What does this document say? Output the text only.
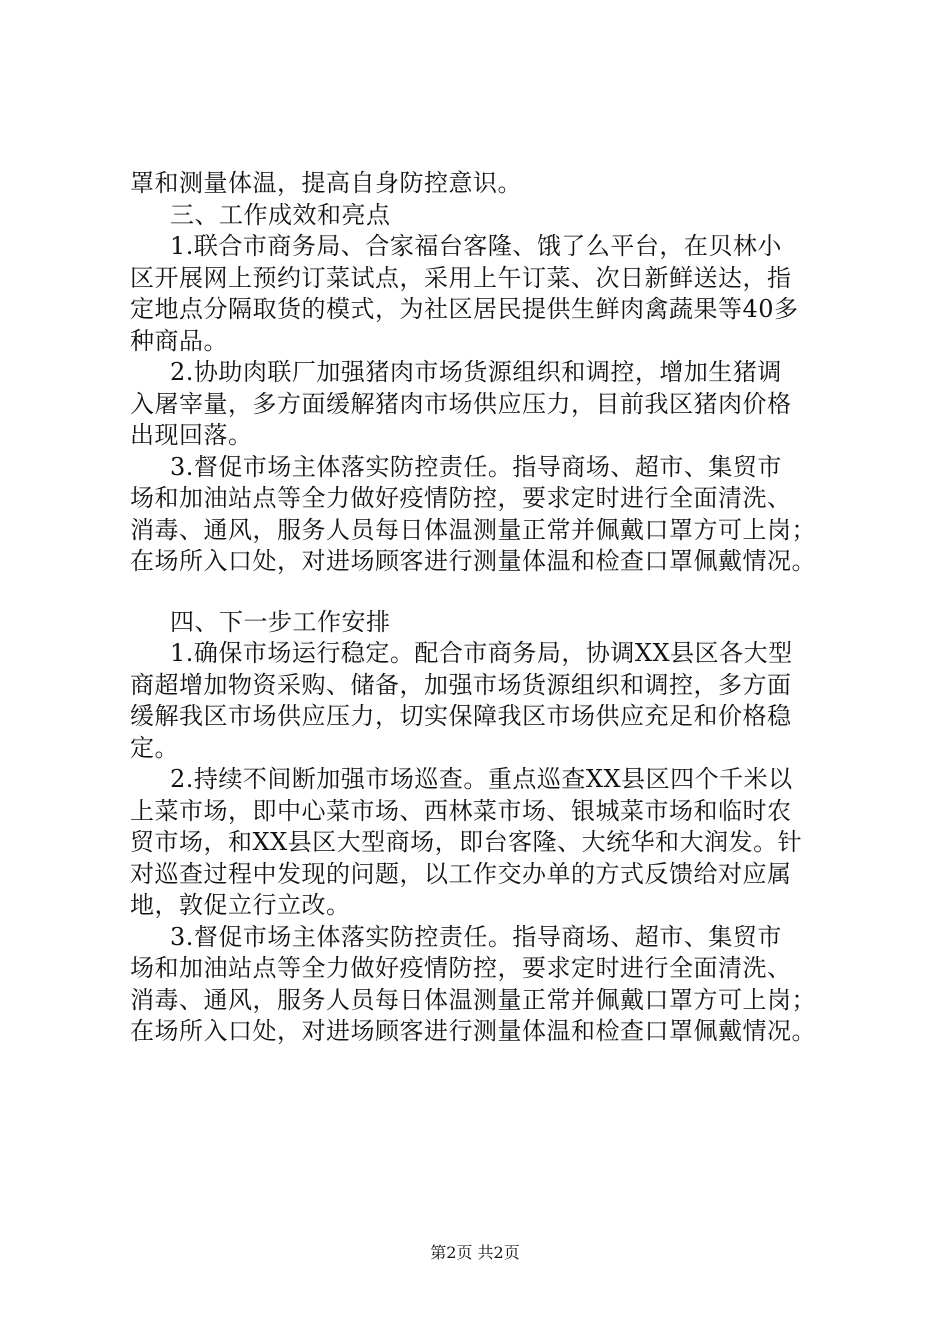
罩和测量体温，提高自身防控意识。
三、工作成效和亮点
1.联合市商务局、合家福台客隆、饿了么平台，在贝林小
区开展网上预约订菜试点，采用上午订菜、次日新鲜送达，指
定地点分隔取货的模式，为社区居民提供生鲜肉禽蔬果等40多
种商品。
2.协助肉联厂加强猪肉市场货源组织和调控，增加生猪调
入屠宰量，多方面缓解猪肉市场供应压力，目前我区猪肉价格
出现回落。
3.督促市场主体落实防控责任。指导商场、超市、集贸市
场和加油站点等全力做好疫情防控，要求定时进行全面清洗、
消毒、通风，服务人员每日体温测量正常并佩戴口罩方可上岗；
在场所入口处，对进场顾客进行测量体温和检查口罩佩戴情况。
四、下一步工作安排
1.确保市场运行稳定。配合市商务局，协调XX县区各大型
商超增加物资采购、储备，加强市场货源组织和调控，多方面
缓解我区市场供应压力，切实保障我区市场供应充足和价格稳
定。
2.持续不间断加强市场巡查。重点巡查XX县区四个千米以
上菜市场，即中心菜市场、西林菜市场、银城菜市场和临时农
贸市场，和XX县区大型商场，即台客隆、大统华和大润发。针
对巡查过程中发现的问题，以工作交办单的方式反馈给对应属
地，敦促立行立改。
3.督促市场主体落实防控责任。指导商场、超市、集贸市
场和加油站点等全力做好疫情防控，要求定时进行全面清洗、
消毒、通风，服务人员每日体温测量正常并佩戴口罩方可上岗；
在场所入口处，对进场顾客进行测量体温和检查口罩佩戴情况。
第2页 共2页
